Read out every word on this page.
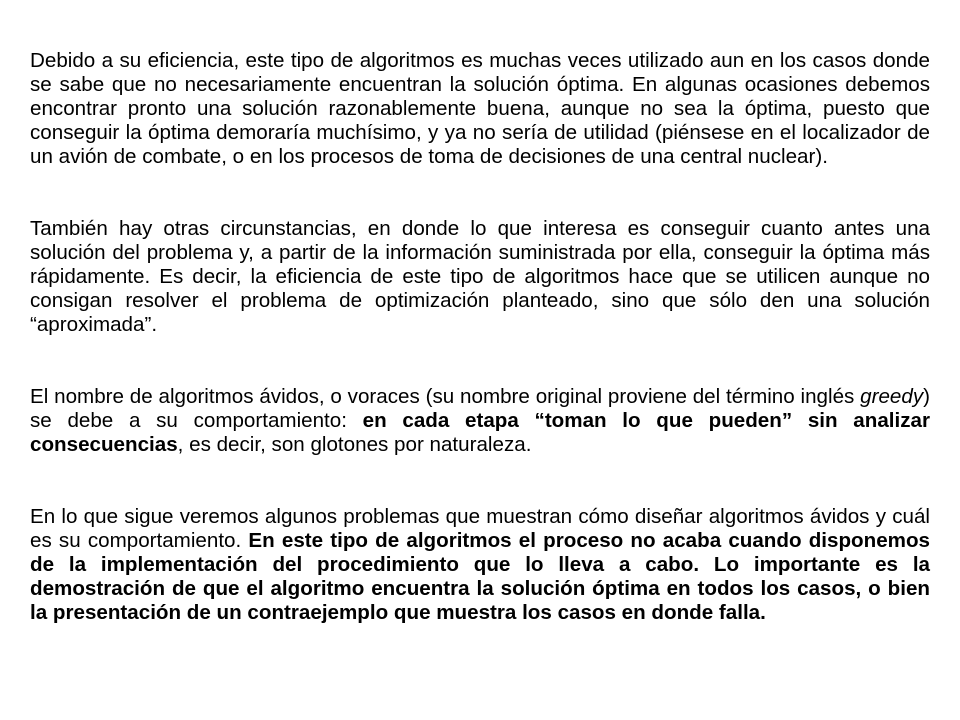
Debido a su eficiencia, este tipo de algoritmos es muchas veces utilizado aun en los casos donde se sabe que no necesariamente encuentran la solución óptima. En algunas ocasiones debemos encontrar pronto una solución razonablemente buena, aunque no sea la óptima, puesto que conseguir la óptima demoraría muchísimo, y ya no sería de utilidad (piénsese en el localizador de un avión de combate, o en los procesos de toma de decisiones de una central nuclear).

También hay otras circunstancias, en donde lo que interesa es conseguir cuanto antes una solución del problema y, a partir de la información suministrada por ella, conseguir la óptima más rápidamente. Es decir, la eficiencia de este tipo de algoritmos hace que se utilicen aunque no consigan resolver el problema de optimización planteado, sino que sólo den una solución “aproximada”.

El nombre de algoritmos ávidos, o voraces (su nombre original proviene del término inglés greedy) se debe a su comportamiento: en cada etapa “toman lo que pueden” sin analizar consecuencias, es decir, son glotones por naturaleza.

En lo que sigue veremos algunos problemas que muestran cómo diseñar algoritmos ávidos y cuál es su comportamiento. En este tipo de algoritmos el proceso no acaba cuando disponemos de la implementación del procedimiento que lo lleva a cabo. Lo importante es la demostración de que el algoritmo encuentra la solución óptima en todos los casos, o bien la presentación de un contraejemplo que muestra los casos en donde falla.
